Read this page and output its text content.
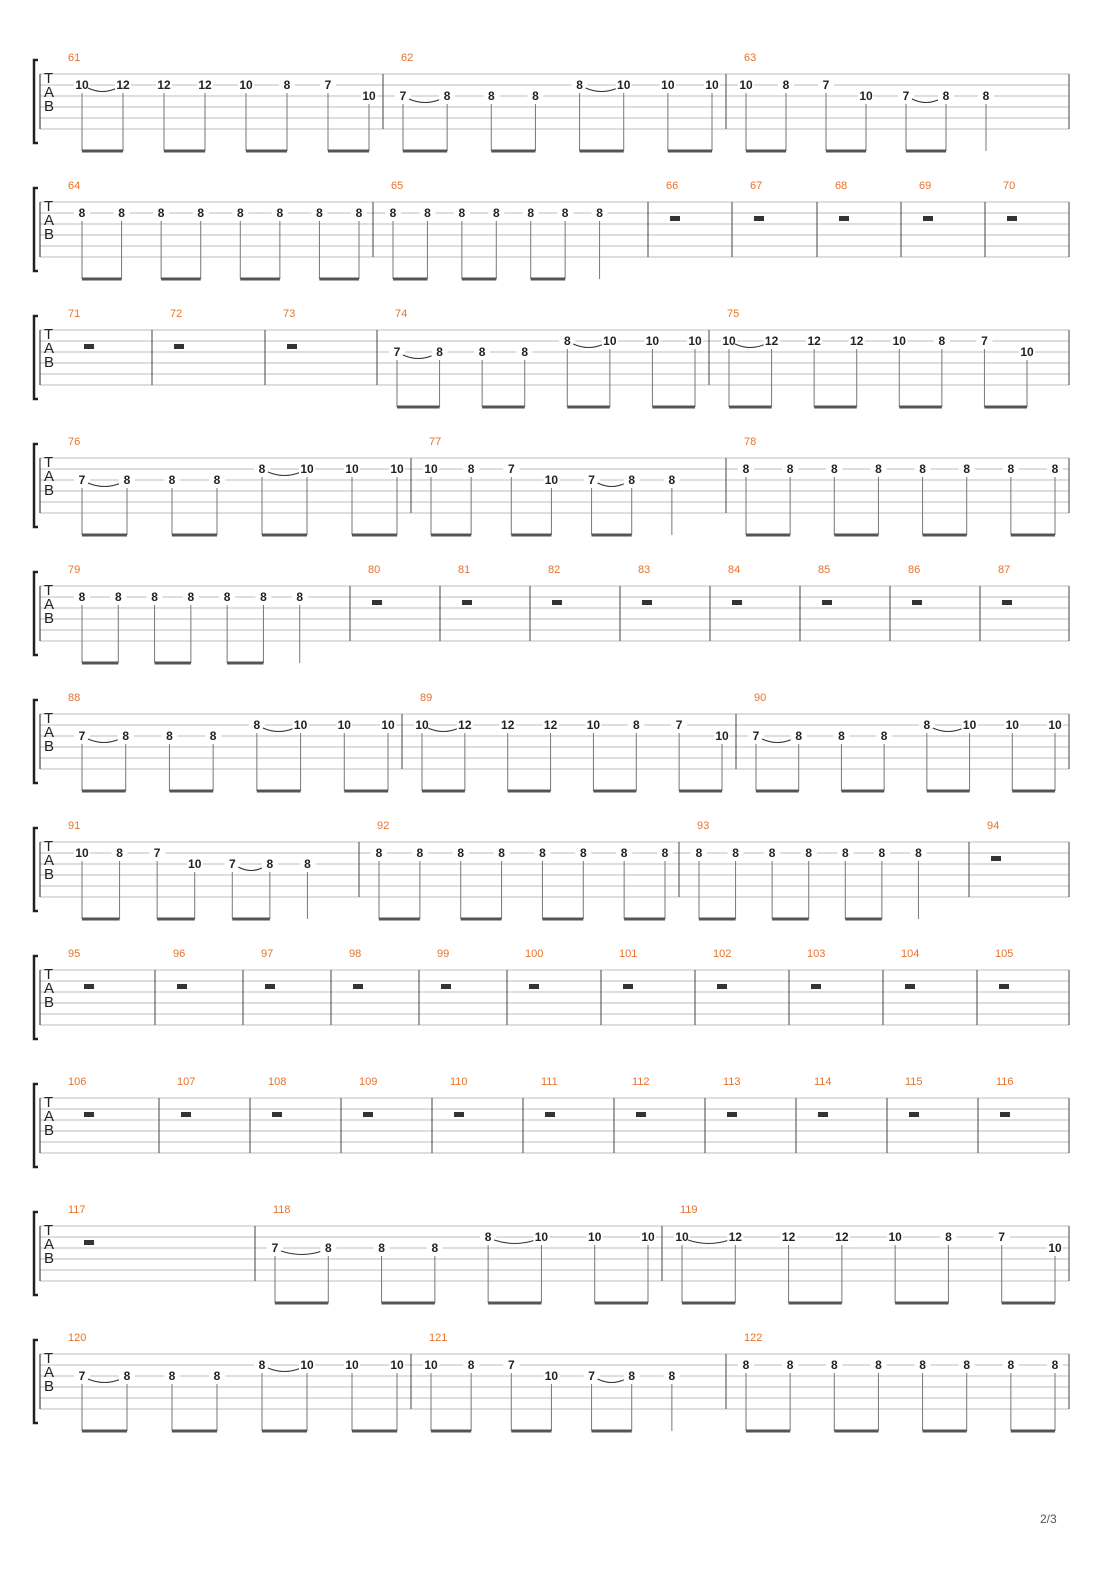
T
A
B
61
10 12 12 12 10	8	7
10
62
7	8	8	8
8	10	10	10
63
10 8	7
10 7	8	8
T
A
B
64
8	8	8	8	8	8	8	8
65
8 8 8 8 8 8 8
66	67	68	69	70
T
A
B
71	72	73	74
7	8	8	8
8	10 10 10
75
10 12 12 12 10	8	7
10
T
A
B
76
7	8	8	8
8	10	10	10
77
10	8	7
10	7	8	8
78
8	8	8	8	8	8	8	8
T
A
B
79
8 8 8 8 8 8 8
80	81	82	83	84	85	86	87
T
A
B
88
7	8	8	8
8	10	10	10
89
10 12 12 12 10	8	7
10
90
7	8	8	8
8	10 10 10
T
A
B
91
10 8	7
10 7	8	8
92
8	8	8	8	8	8	8	8
93
8 8 8 8 8 8 8
94
T
A
B
95	96	97	98	99	100	101	102	103	104	105
T
A
B
106	107	108	109	110	111	112	113	114	115	116
T
A
B
117	118
7	8	8	8
8	10	10	10
119
10	12	12	12	10	8	7
10
T
A
B
120
7	8	8	8
8	10	10	10
121
10	8	7
10	7	8	8
122
8	8	8	8	8	8	8	8
2/3
